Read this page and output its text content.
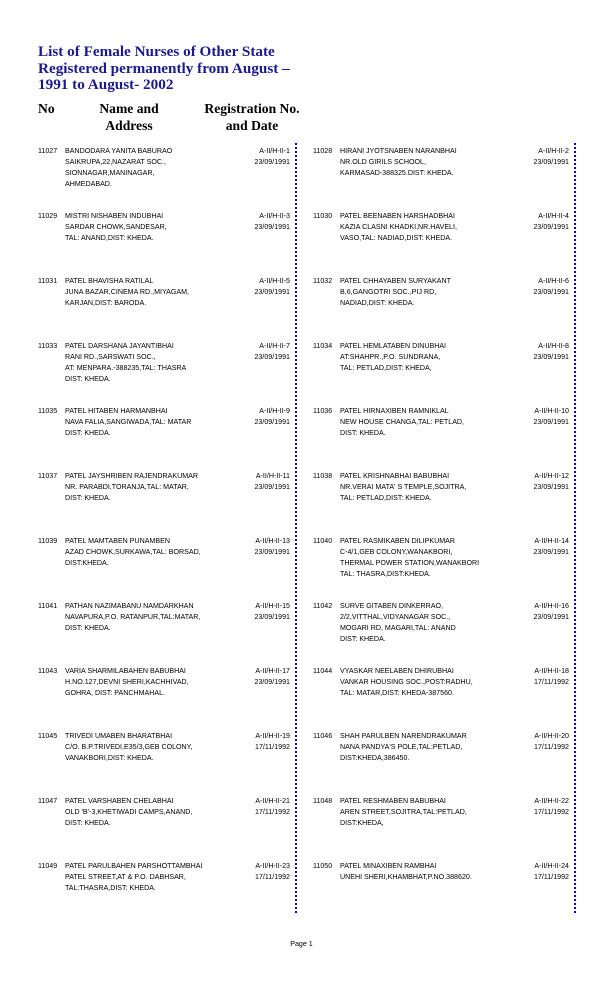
List of Female Nurses of Other State Registered permanently from August –1991 to August- 2002
No	Name and Address
Registration No. and Date
11027 BANDODARA YANITA BABURAO
SAIKRUPA,22,NAZARAT SOC.,
SIONNAGAR,MANINAGAR,
AHMEDABAD.
A-II/H-II-1
23/09/1991
11029 MISTRI NISHABEN INDUBHAI
SARDAR CHOWK,SANDESAR,
TAL: ANAND,DIST: KHEDA.
A-II/H-II-3
23/09/1991
11031 PATEL BHAVISHA RATILAL
JUNA BAZAR,CINEMA RD.,MIYAGAM,
KARJAN,DIST: BARODA.
A-II/H-II-5
23/09/1991
11033 PATEL DARSHANA JAYANTIBHAI
RANI RD.,SARSWATI SOC.,
AT: MENPARA.-388235,TAL: THASRA
DIST: KHEDA.
A-II/H-II-7
23/09/1991
11035 PATEL HITABEN HARMANBHAI
NAVA FALIA,SANGIWADA,TAL: MATAR
DIST: KHEDA.
A-II/H-II-9
23/09/1991
11037 PATEL JAYSHRIBEN RAJENDRAKUMAR
NR. PARABDI,TORANJA,TAL: MATAR,
DIST: KHEDA.
A-II/H-II-11
23/09/1991
11039 PATEL MAMTABEN PUNAMBEN
AZAD CHOWK,SURKAWA,TAL: BORSAD,
DIST:KHEDA.
A-II/H-II-13
23/09/1991
11041 PATHAN NAZIMABANU NAMDARKHAN
NAVAPURA,P.O. RATANPUR,TAL:MATAR,
DIST: KHEDA.
A-II/H-II-15
23/09/1991
11043 VARIA SHARMILABAHEN BABUBHAI
H.NO.127,DEVNI SHERI,KACHHIVAD,
GOHRA, DIST: PANCHMAHAL.
A-II/H-II-17
23/09/1991
11045 TRIVEDI UMABEN BHARATBHAI
C/O. B.P.TRIVEDI,E35/3,GEB COLONY,
VANAKBORI,DIST: KHEDA.
A-II/H-II-19
17/11/1992
11047 PATEL VARSHABEN CHELABHAI
OLD 'B'-3,KHETIWADI CAMPS,ANAND,
DIST: KHEDA.
A-II/H-II-21
17/11/1992
11049 PATEL PARULBAHEN PARSHOTTAMBHAI
PATEL STREET,AT & P.O. DABHSAR,
TAL:THASRA,DIST: KHEDA.
A-II/H-II-23
17/11/1992
11028 HIRANI JYOTSNABEN NARANBHAI
NR.OLD GIRILS SCHOOL,
KARMASAD-388325.DIST: KHEDA.
A-II/H-II-2
23/09/1991
11030 PATEL BEENABEN HARSHADBHAI
KAZIA CLASNI KHADKI,NR.HAVELI,
VASO,TAL: NADIAD,DIST: KHEDA.
A-II/H-II-4
23/09/1991
11032 PATEL CHHAYABEN SURYAKANT
B,6,GANGOTRI SOC.,PIJ RD,
NADIAD,DIST: KHEDA.
A-II/H-II-6
23/09/1991
11034 PATEL HEMLATABEN DINUBHAI
AT:SHAHPR.,P.O. SUNDRANA,
TAL: PETLAD,DIST: KHEDA,
A-II/H-II-8
23/09/1991
11036 PATEL HIRNAXIBEN RAMNIKLAL
NEW HOUSE CHANGA,TAL: PETLAD,
DIST: KHEDA.
A-II/H-II-10
23/09/1991
11038 PATEL KRISHNABHAI BABUBHAI
NR.VERAI MATA' S TEMPLE,SOJITRA,
TAL: PETLAD,DIST: KHEDA.
A-II/H-II-12
23/09/1991
11040 PATEL RASMIKABEN DILIPKUMAR
C-4/1,GEB COLONY,WANAKBORI,
THERMAL POWER STATION,WANAKBORI
TAL: THASRA,DIST:KHEDA.
A-II/H-II-14
23/09/1991
11042 SURVE GITABEN DINKERRAO,
2/2,VITTHAL,VIDYANAGAR SOC.,
MOGARI RD, MAGARI,TAL: ANAND
DIST: KHEDA.
A-II/H-II-16
23/09/1991
11044 VYASKAR NEELABEN DHIRUBHAI
VANKAR HOUSING SOC.,POST:RADHU,
TAL: MATAR,DIST: KHEDA-387560.
A-II/H-II-18
17/11/1992
11046 SHAH PARULBEN NARENDRAKUMAR
NANA PANDYA'S POLE,TAL:PETLAD,
DIST:KHEDA,386450.
A-II/H-II-20
17/11/1992
11048 PATEL RESHMABEN BABUBHAI
AREN STREET,SOJITRA,TAL:PETLAD,
DIST:KHEDA,
A-II/H-II-22
17/11/1992
11050 PATEL MINAXIBEN RAMBHAI
UNEHI SHERI,KHAMBHAT,P.NO.388620.
A-II/H-II-24
17/11/1992
Page 1
